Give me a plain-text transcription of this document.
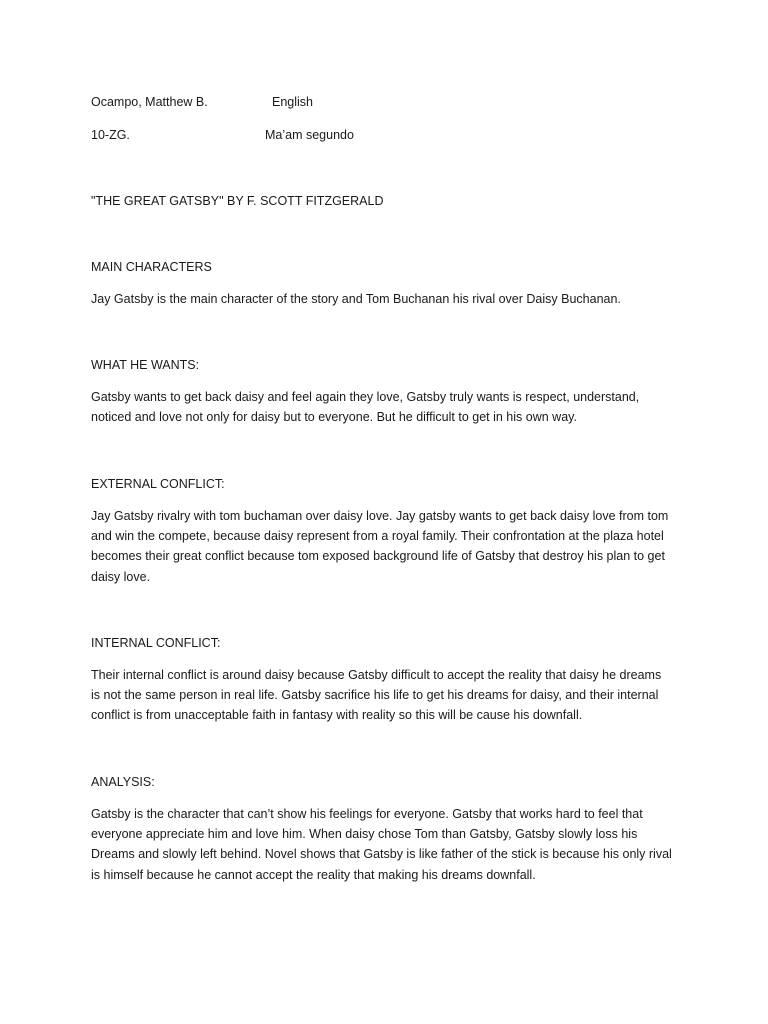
Ocampo, Matthew B.	English
10-ZG.	Ma’am segundo
"THE GREAT GATSBY" BY F. SCOTT FITZGERALD
MAIN CHARACTERS
Jay Gatsby is the main character of the story and Tom Buchanan his rival over Daisy Buchanan.
WHAT HE WANTS:
Gatsby wants to get back daisy and feel again they love, Gatsby truly wants is respect, understand,
noticed and love not only for daisy but to everyone. But he difficult to get in his own way.
EXTERNAL CONFLICT:
Jay Gatsby rivalry with tom buchaman over daisy love. Jay gatsby wants to get back daisy love from tom
and win the compete, because daisy represent from a royal family. Their confrontation at the plaza hotel
becomes their great conflict because tom exposed background life of Gatsby that destroy his plan to get
daisy love.
INTERNAL CONFLICT:
Their internal conflict is around daisy because Gatsby difficult to accept the reality that daisy he dreams
is not the same person in real life. Gatsby sacrifice his life to get his dreams for daisy, and their internal
conflict is from unacceptable faith in fantasy with reality so this will be cause his downfall.
ANALYSIS:
Gatsby is the character that can’t show his feelings for everyone. Gatsby that works hard to feel that
everyone appreciate him and love him. When daisy chose Tom than Gatsby, Gatsby slowly loss his
Dreams and slowly left behind. Novel shows that Gatsby is like father of the stick is because his only rival
is himself because he cannot accept the reality that making his dreams downfall.
